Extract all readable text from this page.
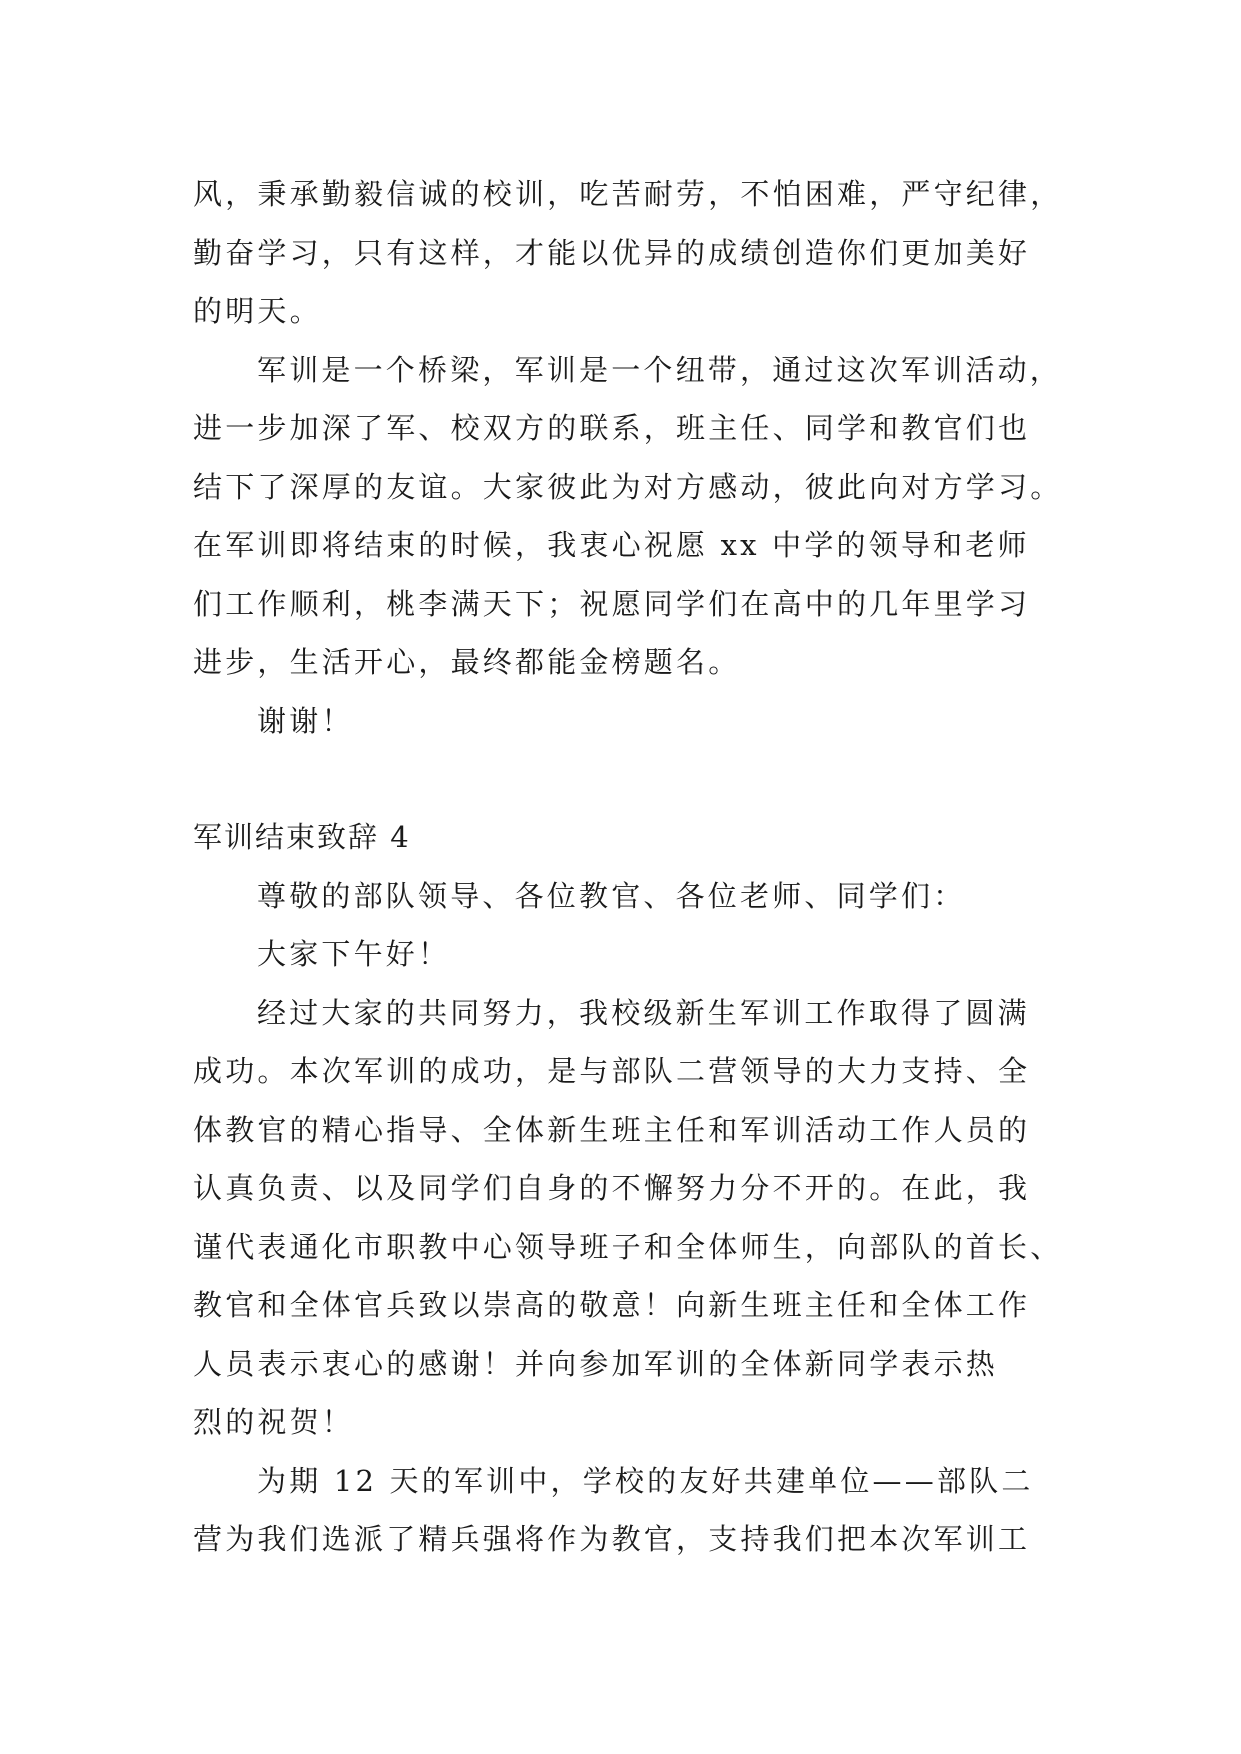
风，秉承勤毅信诚的校训，吃苦耐劳，不怕困难，严守纪律，
勤奋学习，只有这样，才能以优异的成绩创造你们更加美好
的明天。
军训是一个桥梁，军训是一个纽带，通过这次军训活动，
进一步加深了军、校双方的联系，班主任、同学和教官们也
结下了深厚的友谊。大家彼此为对方感动，彼此向对方学习。
在军训即将结束的时候，我衷心祝愿 xx 中学的领导和老师
们工作顺利，桃李满天下；祝愿同学们在高中的几年里学习
进步，生活开心，最终都能金榜题名。
谢谢！
军训结束致辞 4
尊敬的部队领导、各位教官、各位老师、同学们：
大家下午好！
经过大家的共同努力，我校级新生军训工作取得了圆满
成功。本次军训的成功，是与部队二营领导的大力支持、全
体教官的精心指导、全体新生班主任和军训活动工作人员的
认真负责、以及同学们自身的不懈努力分不开的。在此，我
谨代表通化市职教中心领导班子和全体师生，向部队的首长、
教官和全体官兵致以崇高的敬意！向新生班主任和全体工作
人员表示衷心的感谢！并向参加军训的全体新同学表示热
烈的祝贺！
为期 12 天的军训中，学校的友好共建单位——部队二
营为我们选派了精兵强将作为教官，支持我们把本次军训工
